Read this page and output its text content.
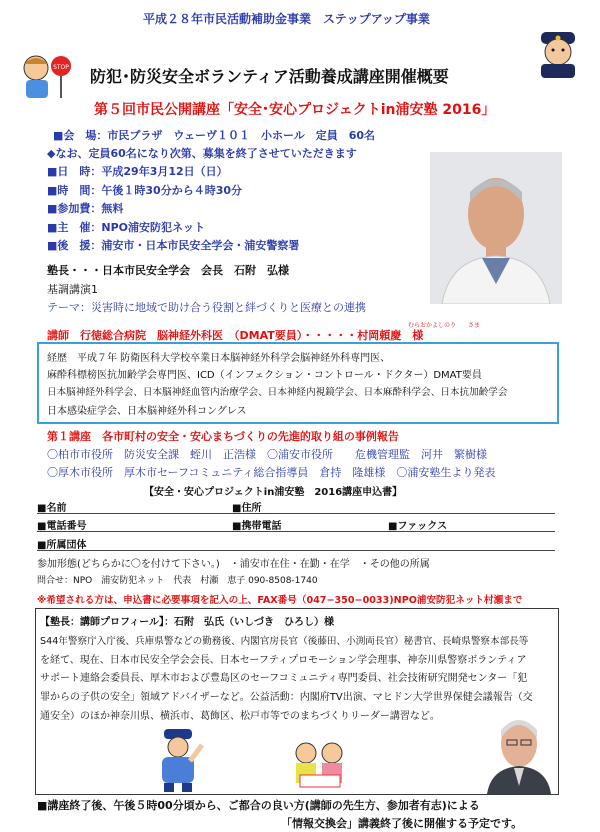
STOP
平成２８年市民活動補助金事業　ステップアップ事業
防犯･防災安全ボランティア活動養成講座開催概要
第５回市民公開講座「安全･安心プロジェクトin浦安塾 2016」
■会　場：市民プラザ　ウェーヴ１０１　小ホール　定員　60名
◆なお、定員60名になり次第、募集を終了させていただきます
■日　時：平成29年3月12日（日）
■時　間：午後１時30分から４時30分
■参加費：無料
■主　催：NPO浦安防犯ネット
■後　援：浦安市・日本市民安全学会・浦安警察署
塾長・・・日本市民安全学会　会長　石附　弘様
基調講演1
テーマ：災害時に地域で助け合う役割と絆づくりと医療との連携
むらおかよしのり　　さま
講師　行徳総合病院　脳神経外科医　（DMAT要員）・・・・・村岡頼慶　様
経歴　平成７年 防衛医科大学校卒業日本脳神経外科学会脳神経外科専門医、
麻酔科標榜医抗加齢学会専門医、ICD（インフェクション・コントロール・ドクター）DMAT要員
日本脳神経外科学会、日本脳神経血管内治療学会、日本神経内視鏡学会、日本麻酔科学会、日本抗加齢学会
日本感染症学会、日本脳神経外科コングレス
第１講座　各市町村の安全・安心まちづくりの先進的取り組の事例報告
〇柏市市役所　防災安全課　蛭川　正浩様　〇浦安市役所　　危機管理監　河井　繁樹様
〇厚木市役所　厚木市セーフコミュニティ総合指導員　倉持　隆雄様　〇浦安塾生より発表
【安全・安心プロジェクトin浦安塾　2016講座申込書】
■名前	■住所
■電話番号	■携帯電話	■ファックス
■所属団体
参加形態(どちらかに〇を付けて下さい。)　・浦安市在住・在勤・在学　・その他の所属
問合せ：NPO　浦安防犯ネット　代表　村瀬　恵子 090-8508-1740
※希望される方は、申込書に必要事項を記入の上、FAX番号（047−350−0033)NPO浦安防犯ネット村瀬まで
【塾長：講師プロフィール】：石附　弘氏（いしづき　ひろし）様
S44年警察庁入庁後、兵庫県警などの勤務後、内閣官房長官（後藤田、小渕両長官）秘書官、長崎県警察本部長等
を経て、現在、日本市民安全学会会長、日本セーフティプロモーション学会理事、神奈川県警察ボランティア
サポート連絡会委員長、厚木市および豊島区のセーフコミュニティ専門委員、社会技術研究開発センター「犯
罪からの子供の安全」領域アドバイザーなど。公益活動：内閣府TV出演、マヒドン大学世界保健会議報告（交
通安全）のほか神奈川県、横浜市、葛飾区、松戸市等でのまちづくりリーダー講習など。
■講座終了後、午後５時00分頃から、ご都合の良い方(講師の先生方、参加者有志)による
「情報交換会」講義終了後に開催する予定です。
